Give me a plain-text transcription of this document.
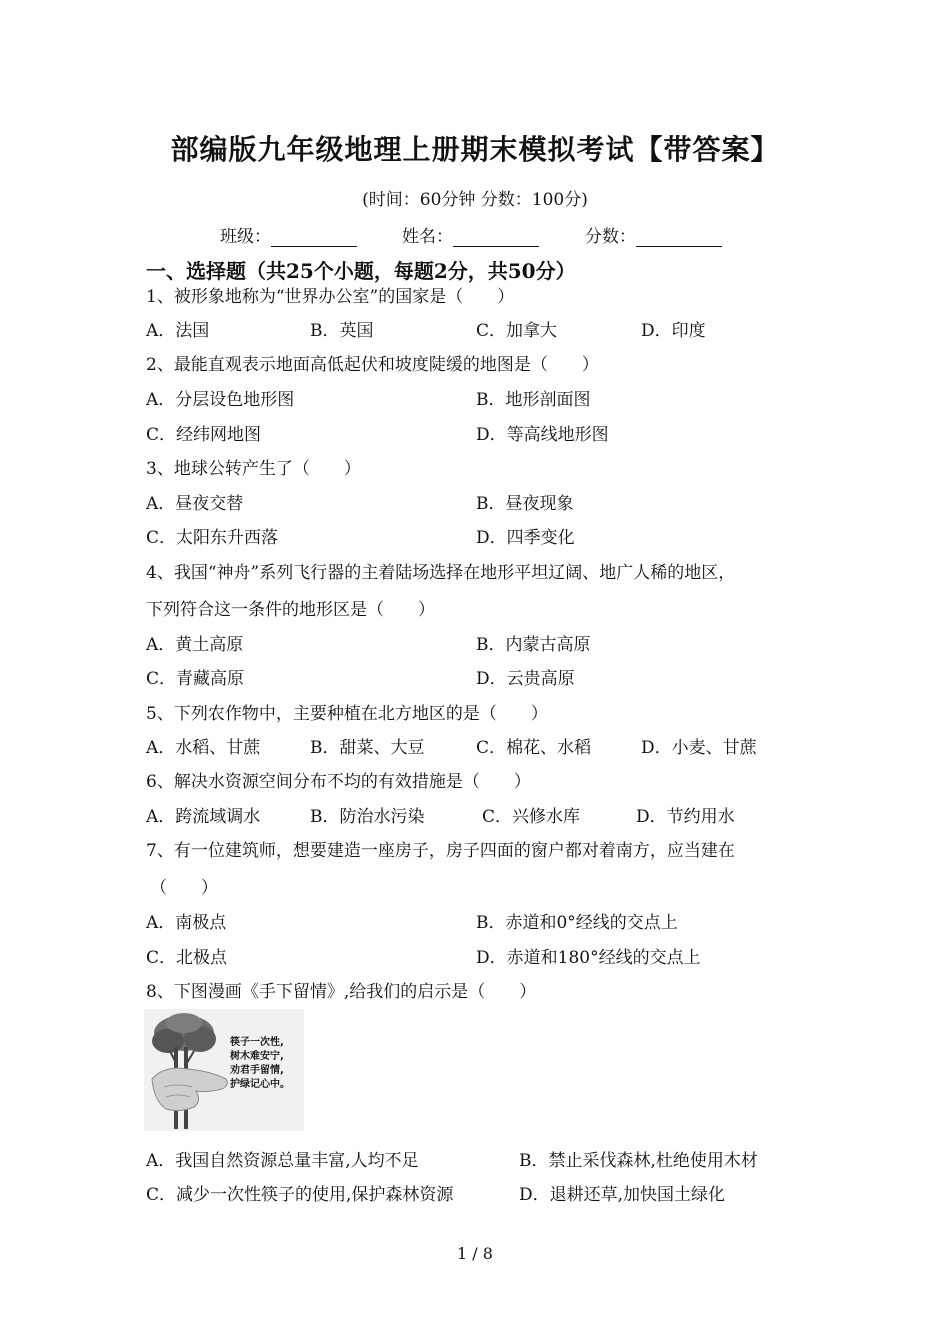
部编版九年级地理上册期末模拟考试【带答案】
(时间：60分钟 分数：100分)
班级：	姓名：	分数：
一、选择题（共25个小题，每题2分，共50分）
1、被形象地称为“世界办公室”的国家是（　　）
A．法国	B．英国	C．加拿大	D．印度
2、最能直观表示地面高低起伏和坡度陡缓的地图是（　　）
A．分层设色地形图	B．地形剖面图
C．经纬网地图	D．等高线地形图
3、地球公转产生了（　　）
A．昼夜交替	B．昼夜现象
C．太阳东升西落	D．四季变化
4、我国“神舟”系列飞行器的主着陆场选择在地形平坦辽阔、地广人稀的地区，
下列符合这一条件的地形区是（　　）
A．黄土高原	B．内蒙古高原
C．青藏高原	D．云贵高原
5、下列农作物中，主要种植在北方地区的是（　　）
A．水稻、甘蔗	B．甜菜、大豆	C．棉花、水稻	D．小麦、甘蔗
6、解决水资源空间分布不均的有效措施是（　　）
A．跨流域调水	B．防治水污染	C．兴修水库	D．节约用水
7、有一位建筑师，想要建造一座房子，房子四面的窗户都对着南方，应当建在
（　　）
A．南极点	B．赤道和0°经线的交点上
C．北极点	D．赤道和180°经线的交点上
8、下图漫画《手下留情》,给我们的启示是（　　）
筷子一次性,
树木难安宁,
劝君手留情,
护绿记心中。
A．我国自然资源总量丰富,人均不足	B．禁止采伐森林,杜绝使用木材
C．减少一次性筷子的使用,保护森林资源	D．退耕还草,加快国土绿化
1 / 8
